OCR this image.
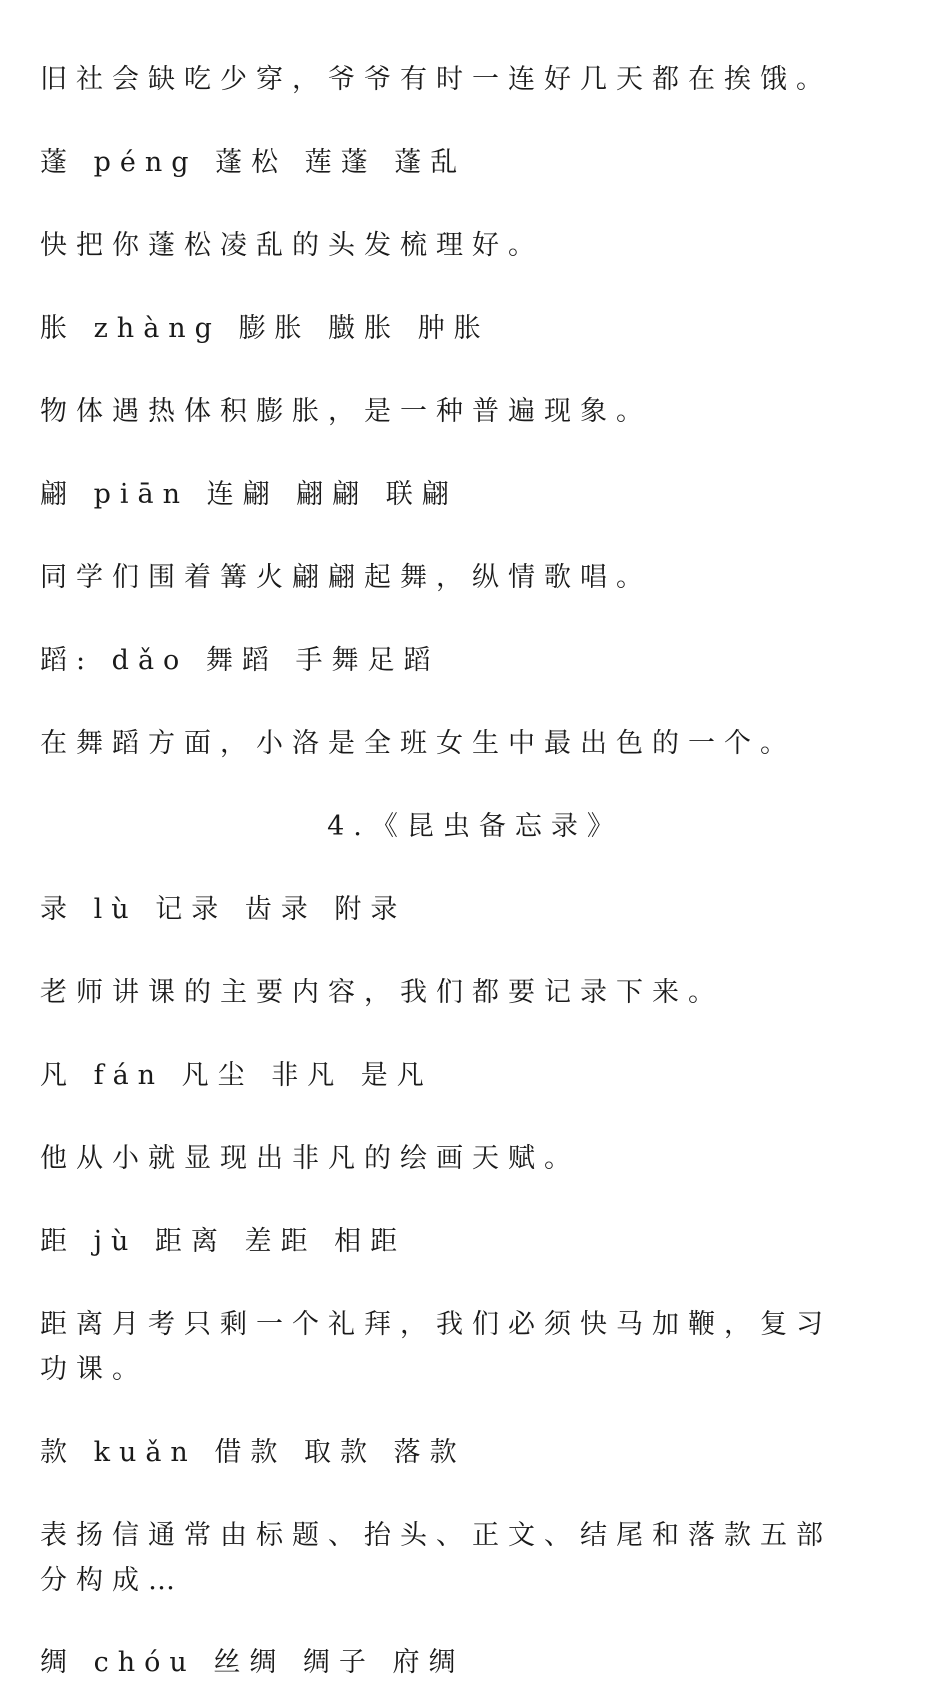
旧社会缺吃少穿，爷爷有时一连好几天都在挨饿。
蓬 péng 蓬松 莲蓬 蓬乱
快把你蓬松凌乱的头发梳理好。
胀 zhàng 膨胀 臌胀 肿胀
物体遇热体积膨胀，是一种普遍现象。
翩 piān 连翩 翩翩 联翩
同学们围着篝火翩翩起舞，纵情歌唱。
蹈: dǎo 舞蹈 手舞足蹈
在舞蹈方面，小洛是全班女生中最出色的一个。
4.《昆虫备忘录》
录 lù 记录 齿录 附录
老师讲课的主要内容，我们都要记录下来。
凡 fán 凡尘 非凡 是凡
他从小就显现出非凡的绘画天赋。
距 jù 距离 差距 相距
距离月考只剩一个礼拜，我们必须快马加鞭，复习功课。
款 kuǎn 借款 取款 落款
表扬信通常由标题、抬头、正文、结尾和落款五部分构成…
绸 chóu 丝绸 绸子 府绸
